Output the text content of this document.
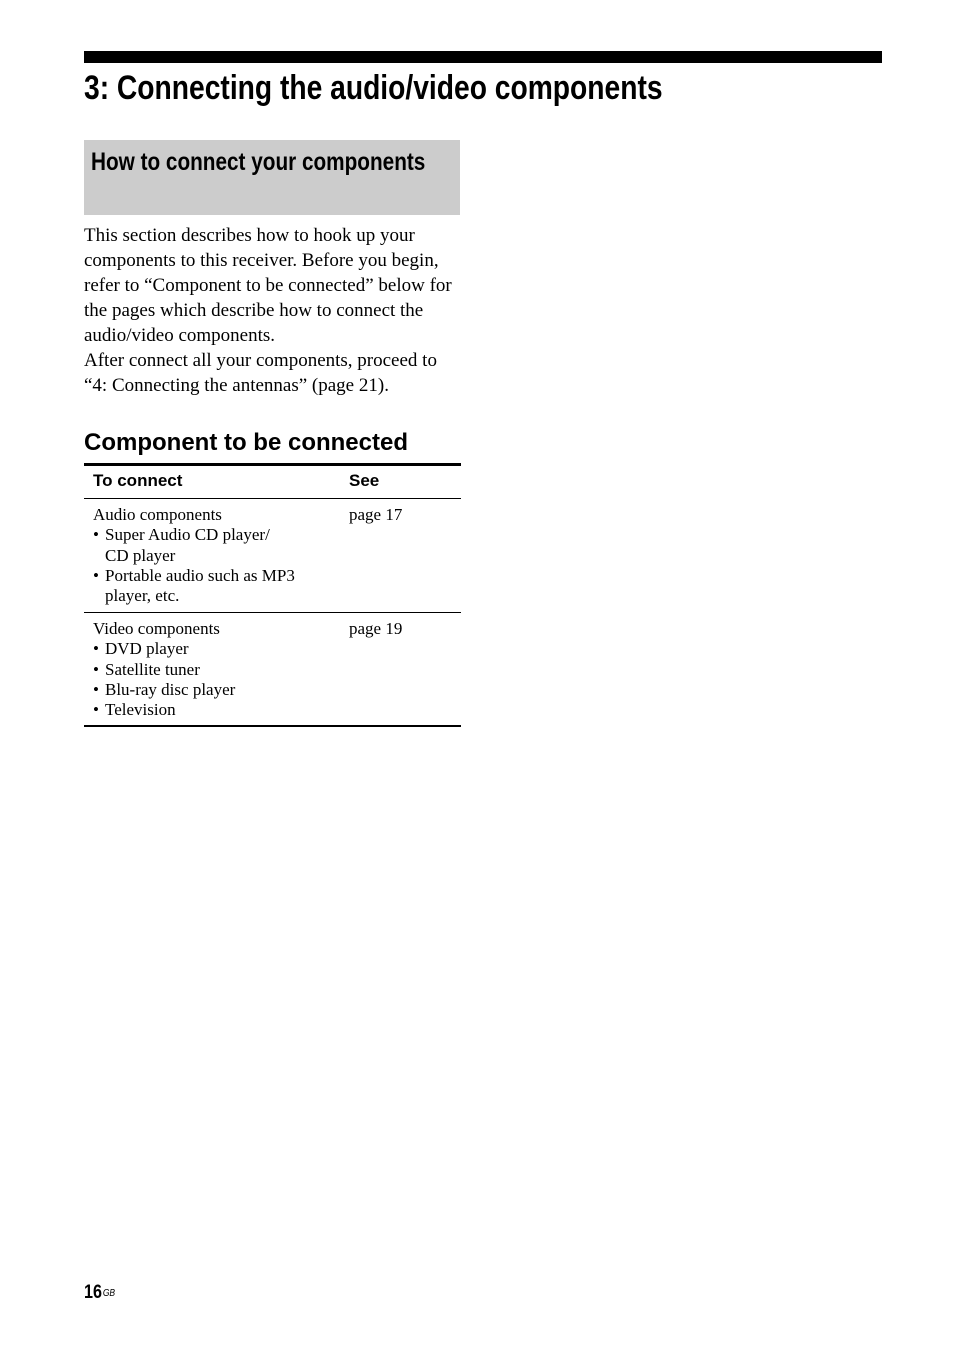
3: Connecting the audio/video components
How to connect your components

This section describes how to hook up your components to this receiver. Before you begin, refer to “Component to be connected” below for the pages which describe how to connect the audio/video components.

After connect all your components, proceed to “4: Connecting the antennas” (page 21).

Component to be connected
To connect	See
Audio components
• Super Audio CD player/ CD player
• Portable audio such as MP3 player, etc.
page 17
Video components
• DVD player
• Satellite tuner
• Blu-ray disc player
• Television
page 19
$16^{GB}$
